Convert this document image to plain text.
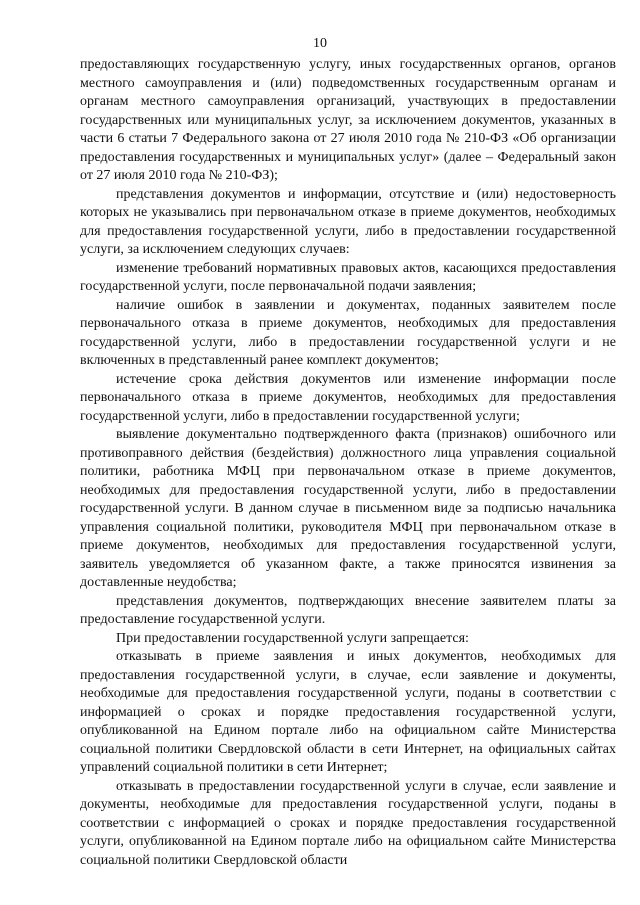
10

предоставляющих государственную услугу, иных государственных органов, органов местного самоуправления и (или) подведомственных государственным органам и органам местного самоуправления организаций, участвующих в предоставлении государственных или муниципальных услуг, за исключением документов, указанных в части 6 статьи 7 Федерального закона от 27 июля 2010 года № 210-ФЗ «Об организации предоставления государственных и муниципальных услуг» (далее – Федеральный закон от 27 июля 2010 года № 210-ФЗ);

представления документов и информации, отсутствие и (или) недостоверность которых не указывались при первоначальном отказе в приеме документов, необходимых для предоставления государственной услуги, либо в предоставлении государственной услуги, за исключением следующих случаев:

изменение требований нормативных правовых актов, касающихся предоставления государственной услуги, после первоначальной подачи заявления;

наличие ошибок в заявлении и документах, поданных заявителем после первоначального отказа в приеме документов, необходимых для предоставления государственной услуги, либо в предоставлении государственной услуги и не включенных в представленный ранее комплект документов;

истечение срока действия документов или изменение информации после первоначального отказа в приеме документов, необходимых для предоставления государственной услуги, либо в предоставлении государственной услуги;

выявление документально подтвержденного факта (признаков) ошибочного или противоправного действия (бездействия) должностного лица управления социальной политики, работника МФЦ при первоначальном отказе в приеме документов, необходимых для предоставления государственной услуги, либо в предоставлении государственной услуги. В данном случае в письменном виде за подписью начальника управления социальной политики, руководителя МФЦ при первоначальном отказе в приеме документов, необходимых для предоставления государственной услуги, заявитель уведомляется об указанном факте, а также приносятся извинения за доставленные неудобства;

представления документов, подтверждающих внесение заявителем платы за предоставление государственной услуги.

При предоставлении государственной услуги запрещается:

отказывать в приеме заявления и иных документов, необходимых для предоставления государственной услуги, в случае, если заявление и документы, необходимые для предоставления государственной услуги, поданы в соответствии с информацией о сроках и порядке предоставления государственной услуги, опубликованной на Едином портале либо на официальном сайте Министерства социальной политики Свердловской области в сети Интернет, на официальных сайтах управлений социальной политики в сети Интернет;

отказывать в предоставлении государственной услуги в случае, если заявление и документы, необходимые для предоставления государственной услуги, поданы в соответствии с информацией о сроках и порядке предоставления государственной услуги, опубликованной на Едином портале либо на официальном сайте Министерства социальной политики Свердловской области
